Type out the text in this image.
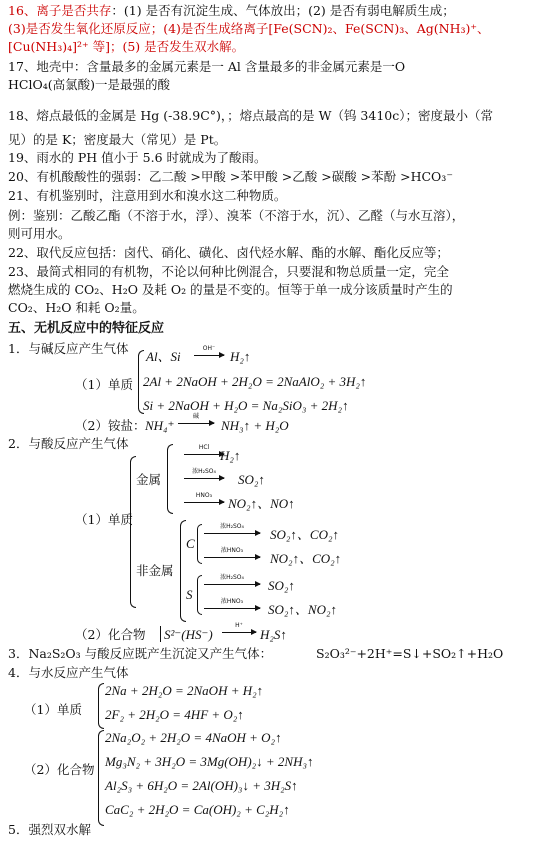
16、离子是否共存：(1) 是否有沉淀生成、气体放出；(2) 是否有弱电解质生成；
(3)是否发生氧化还原反应；(4)是否生成络离子[Fe(SCN)₂、Fe(SCN)₃、Ag(NH₃)⁺、
[Cu(NH₃)₄]²⁺ 等]；(5) 是否发生双水解。
17、地壳中：含量最多的金属元素是一 Al 含量最多的非金属元素是一O
HClO₄(高氯酸)一是最强的酸
18、熔点最低的金属是 Hg (-38.9C°)，；熔点最高的是 W（钨 3410c）；密度最小（常
见）的是 K；密度最大（常见）是 Pt。
19、雨水的 PH 值小于 5.6 时就成为了酸雨。
20、有机酸酸性的强弱：乙二酸 >甲酸 >苯甲酸 >乙酸 >碳酸 >苯酚 >HCO₃⁻
21、有机鉴别时，注意用到水和溴水这二种物质。
例：鉴别：乙酸乙酯（不溶于水，浮）、溴苯（不溶于水，沉）、乙醛（与水互溶），
则可用水。
22、取代反应包括：卤代、硝化、磺化、卤代烃水解、酯的水解、酯化反应等；
23、最简式相同的有机物，不论以何种比例混合，只要混和物总质量一定，完全
燃烧生成的 CO₂、H₂O 及耗 O₂ 的量是不变的。恒等于单一成分该质量时产生的
CO₂、H₂O 和耗 O₂量。
五、无机反应中的特征反应
1．与碱反应产生气体
（1）单质
Al、Si
OH⁻
H₂↑
2Al + 2NaOH + 2H₂O = 2NaAlO₂ + 3H₂↑
Si + 2NaOH + H₂O = Na₂SiO₃ + 2H₂↑
（2）铵盐： NH₄⁺
碱
NH₃↑ + H₂O
2．与酸反应产生气体
（1）单质
金属
非金属
HCl
H₂↑
浓H₂SO₄
SO₂↑
HNO₃
NO₂↑、NO↑
C
浓H₂SO₄
SO₂↑、CO₂↑
浓HNO₃
NO₂↑、CO₂↑
S
浓H₂SO₄
SO₂↑
浓HNO₃
SO₂↑、NO₂↑
（2）化合物 S²⁻(HS⁻)
H⁺
H₂S↑
3．Na₂S₂O₃ 与酸反应既产生沉淀又产生气体：	S₂O₃²⁻+2H⁺=S↓+SO₂↑+H₂O
4．与水反应产生气体
（1）单质
2Na + 2H₂O = 2NaOH + H₂↑
2F₂ + 2H₂O = 4HF + O₂↑
（2）化合物
2Na₂O₂ + 2H₂O = 4NaOH + O₂↑
Mg₃N₂ + 3H₂O = 3Mg(OH)₂↓ + 2NH₃↑
Al₂S₃ + 6H₂O = 2Al(OH)₃↓ + 3H₂S↑
CaC₂ + 2H₂O = Ca(OH)₂ + C₂H₂↑
5．强烈双水解
